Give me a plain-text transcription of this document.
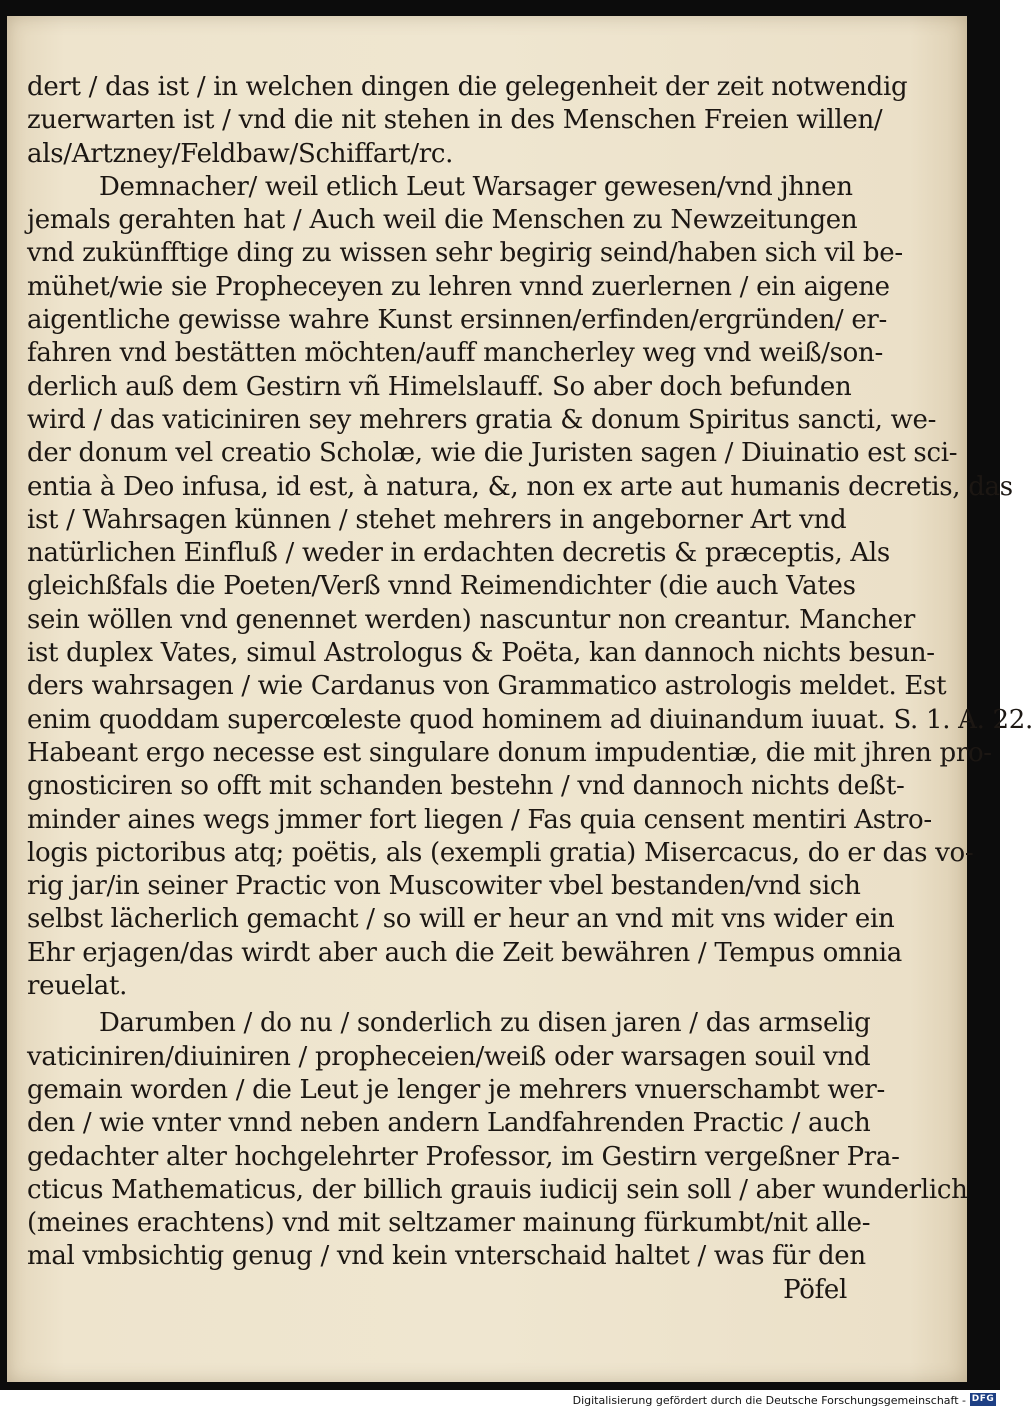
dert / das ist / in welchen dingen die gelegenheit der zeit notwendig
zuerwarten ist / vnd die nit stehen in des Menschen Freien willen/
als/Artzney/Feldbaw/Schiffart/rc.
Demnacher/ weil etlich Leut Warsager gewesen/vnd jhnen
jemals gerahten hat / Auch weil die Menschen zu Newzeitungen
vnd zukünfftige ding zu wissen sehr begirig seind/haben sich vil be-
mühet/wie sie Propheceyen zu lehren vnnd zuerlernen / ein aigene
aigentliche gewisse wahre Kunst ersinnen/erfinden/ergründen/ er-
fahren vnd bestätten möchten/auff mancherley weg vnd weiß/son-
derlich auß dem Gestirn vñ Himelslauff. So aber doch befunden
wird / das vaticiniren sey mehrers gratia & donum Spiritus sancti, we-
der donum vel creatio Scholæ, wie die Juristen sagen / Diuinatio est sci-
entia à Deo infusa, id est, à natura, &, non ex arte aut humanis decretis, das
ist / Wahrsagen künnen / stehet mehrers in angeborner Art vnd
natürlichen Einfluß / weder in erdachten decretis & præceptis, Als
gleichßfals die Poeten/Verß vnnd Reimendichter (die auch Vates
sein wöllen vnd genennet werden) nascuntur non creantur. Mancher
ist duplex Vates, simul Astrologus & Poëta, kan dannoch nichts besun-
ders wahrsagen / wie Cardanus von Grammatico astrologis meldet. Est
enim quoddam supercœleste quod hominem ad diuinandum iuuat. S. 1. A. 22.
Habeant ergo necesse est singulare donum impudentiæ, die mit jhren pro-
gnosticiren so offt mit schanden bestehn / vnd dannoch nichts deßt-
minder aines wegs jmmer fort liegen / Fas quia censent mentiri Astro-
logis pictoribus atq; poëtis, als (exempli gratia) Misercacus, do er das vo-
rig jar/in seiner Practic von Muscowiter vbel bestanden/vnd sich
selbst lächerlich gemacht / so will er heur an vnd mit vns wider ein
Ehr erjagen/das wirdt aber auch die Zeit bewähren / Tempus omnia
reuelat.
Darumben / do nu / sonderlich zu disen jaren / das armselig
vaticiniren/diuiniren / propheceien/weiß oder warsagen souil vnd
gemain worden / die Leut je lenger je mehrers vnuerschambt wer-
den / wie vnter vnnd neben andern Landfahrenden Practic / auch
gedachter alter hochgelehrter Professor, im Gestirn vergeßner Pra-
cticus Mathematicus, der billich grauis iudicij sein soll / aber wunderlich
(meines erachtens) vnd mit seltzamer mainung fürkumbt/nit alle-
mal vmbsichtig genug / vnd kein vnterschaid haltet / was für den
Pöfel
Digitalisierung gefördert durch die Deutsche Forschungsgemeinschaft - DFG
